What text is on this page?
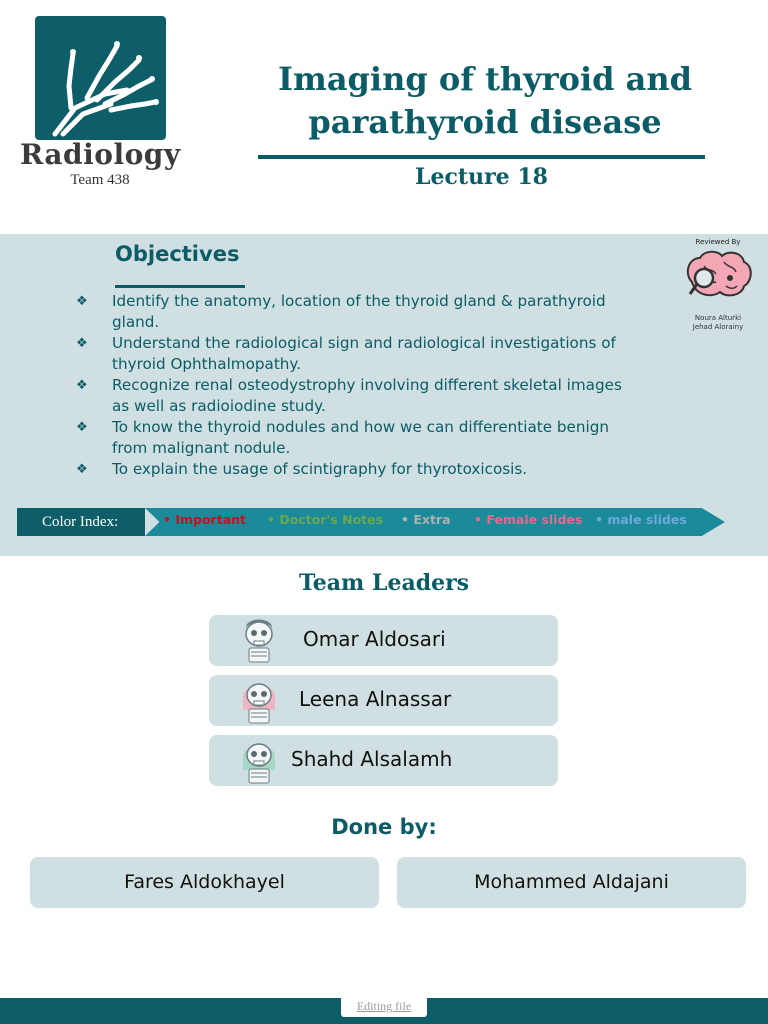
Radiology
Team 438
Imaging of thyroid and
parathyroid disease
Lecture 18
Objectives
❖ Identify the anatomy, location of the thyroid gland & parathyroid gland.
❖ Understand the radiological sign and radiological investigations of thyroid Ophthalmopathy.
❖ Recognize renal osteodystrophy involving different skeletal images as well as radioiodine study.
❖ To know the thyroid nodules and how we can differentiate benign from malignant nodule.
❖ To explain the usage of scintigraphy for thyrotoxicosis.
Reviewed By
Noura Alturki
Jehad Alorainy
Color Index:	• Important • Doctor's Notes • Extra • Female slides • male slides
Team Leaders
Omar Aldosari
Leena Alnassar
Shahd Alsalamh
Done by:
Fares Aldokhayel	Mohammed Aldajani
Editing file
